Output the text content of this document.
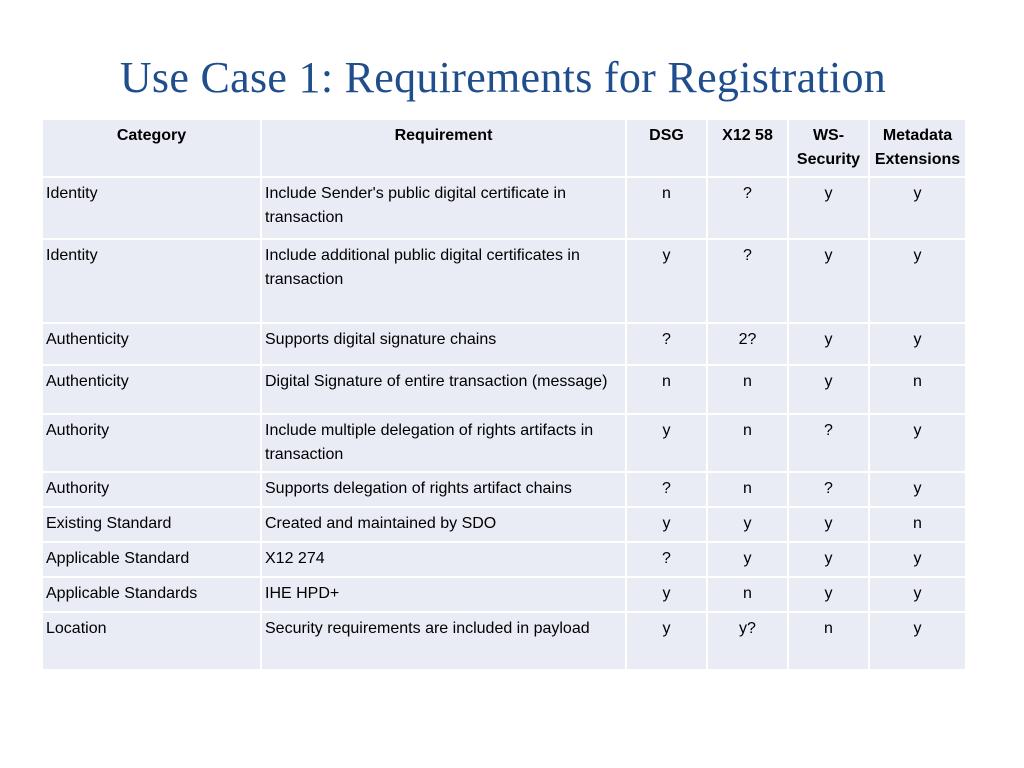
Use Case 1: Requirements for Registration
Category	Requirement	DSG	X12 58	WS-Security	Metadata Extensions
Identity	Include Sender's public digital certificate in transaction	n	?	y	y
Identity	Include additional public digital certificates in transaction	y	?	y	y
Authenticity	Supports digital signature chains	?	2?	y	y
Authenticity	Digital Signature of entire transaction (message)	n	n	y	n
Authority	Include multiple delegation of rights artifacts in transaction	y	n	?	y
Authority	Supports delegation of rights artifact chains	?	n	?	y
Existing Standard	Created and maintained by SDO	y	y	y	n
Applicable Standard	X12 274	?	y	y	y
Applicable Standards	IHE HPD+	y	n	y	y
Location	Security requirements are included in payload	y	y?	n	y
